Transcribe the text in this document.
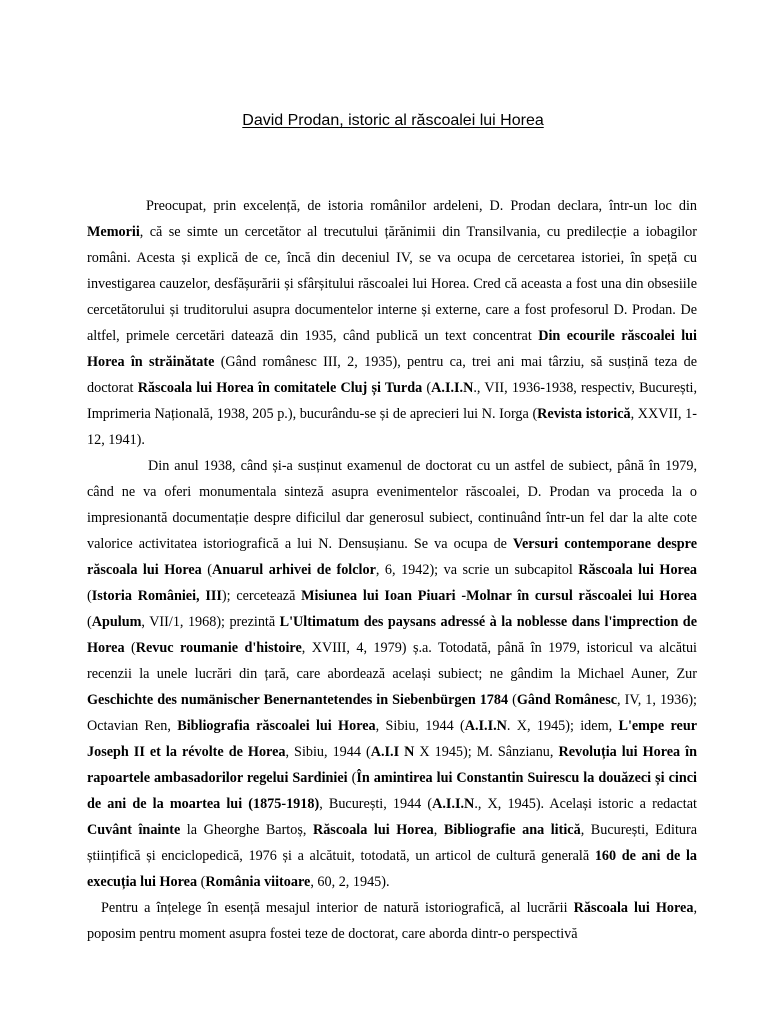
David Prodan, istoric al răscoalei lui Horea

Preocupat, prin excelență, de istoria românilor ardeleni, D. Prodan declara, într-un loc din Memorii, că se simte un cercetător al trecutului țărănimii din Transilvania, cu predilecție a iobagilor români. Acesta și explică de ce, încă din deceniul IV, se va ocupa de cercetarea istoriei, în speță cu investigarea cauzelor, desfășurării și sfârșitului răscoalei lui Horea. Cred că aceasta a fost una din obsesiile cercetătorului și truditorului asupra documentelor interne și externe, care a fost profesorul D. Prodan. De altfel, primele cercetări datează din 1935, când publică un text concentrat Din ecourile răscoalei lui Horea în străinătate (Gând românesc III, 2, 1935), pentru ca, trei ani mai târziu, să susțină teza de doctorat Răscoala lui Horea în comitatele Cluj și Turda (A.I.I.N., VII, 1936-1938, respectiv, București, Imprimeria Națională, 1938, 205 p.), bucurându-se și de aprecieri lui N. Iorga (Revista istorică, XXVII, 1-12, 1941).

Din anul 1938, când și-a susținut examenul de doctorat cu un astfel de subiect, până în 1979, când ne va oferi monumentala sinteză asupra evenimentelor răscoalei, D. Prodan va proceda la o impresionantă documentație despre dificilul dar generosul subiect, continuând într-un fel dar la alte cote valorice activitatea istoriografică a lui N. Densușianu. Se va ocupa de Versuri contemporane despre răscoala lui Horea (Anuarul arhivei de folclor, 6, 1942); va scrie un subcapitol Răscoala lui Horea (Istoria României, III); cercetează Misiunea lui Ioan Piuari -Molnar în cursul răscoalei lui Horea (Apulum, VII/1, 1968); prezintă L'Ultimatum des paysans adressé à la noblesse dans l'imprection de Horea (Revuc roumanie d'histoire, XVIII, 4, 1979) ș.a. Totodată, până în 1979, istoricul va alcătui recenzii la unele lucrări din țară, care abordează același subiect; ne gândim la Michael Auner, Zur Geschichte des numänischer Benernantetendes in Siebenbürgen 1784 (Gând Românesc, IV, 1, 1936); Octavian Ren, Bibliografia răscoalei lui Horea, Sibiu, 1944 (A.I.I.N. X, 1945); idem, L'empe reur Joseph II et la révolte de Horea, Sibiu, 1944 (A.I.I N X 1945); M. Sânzianu, Revoluția lui Horea în rapoartele ambasadorilor regelui Sardiniei (În amintirea lui Constantin Suirescu la douăzeci și cinci de ani de la moartea lui (1875-1918), București, 1944 (A.I.I.N., X, 1945). Același istoric a redactat Cuvânt înainte la Gheorghe Bartoș, Răscoala lui Horea, Bibliografie ana litică, București, Editura științifică și enciclopedică, 1976 și a alcătuit, totodată, un articol de cultură generală 160 de ani de la execuția lui Horea (România viitoare, 60, 2, 1945).

Pentru a înțelege în esență mesajul interior de natură istoriografică, al lucrării Răscoala lui Horea, poposim pentru moment asupra fostei teze de doctorat, care aborda dintr-o perspectivă
